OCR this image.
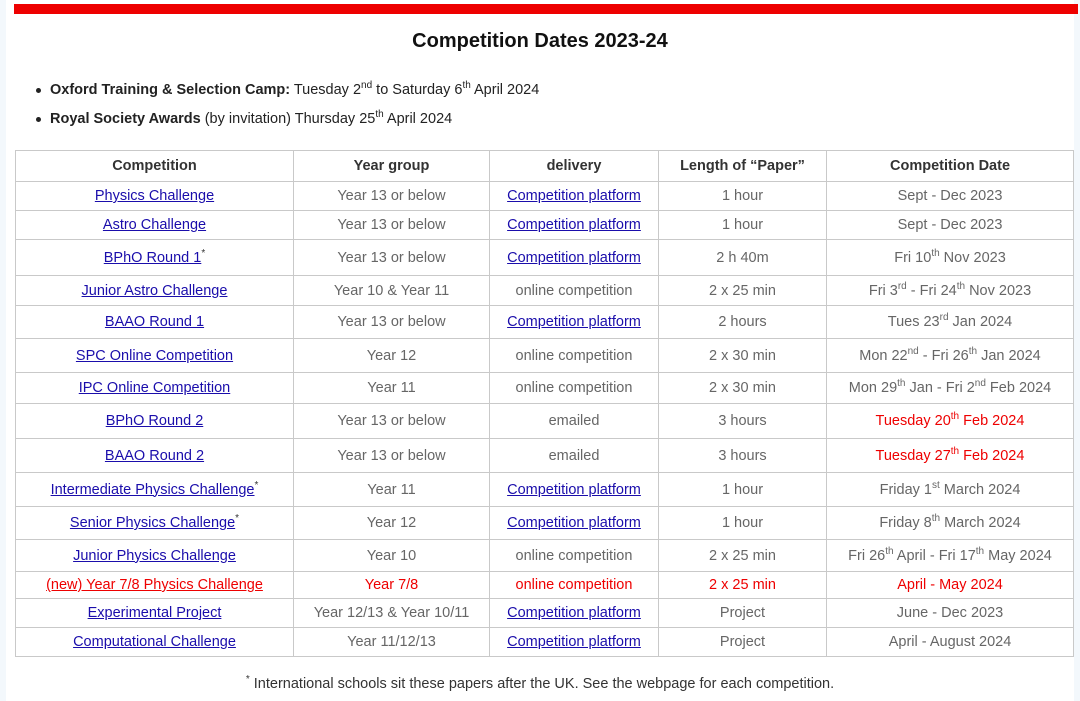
Competition Dates 2023-24
Oxford Training & Selection Camp: Tuesday 2nd to Saturday 6th April 2024
Royal Society Awards (by invitation) Thursday 25th April 2024
Competition	Year group	delivery	Length of “Paper”	Competition Date
Physics Challenge	Year 13 or below	Competition platform	1 hour	Sept - Dec 2023
Astro Challenge	Year 13 or below	Competition platform	1 hour	Sept - Dec 2023
BPhO Round 1*	Year 13 or below	Competition platform	2 h 40m	Fri 10th Nov 2023
Junior Astro Challenge	Year 10 & Year 11	online competition	2 x 25 min	Fri 3rd - Fri 24th Nov 2023
BAAO Round 1	Year 13 or below	Competition platform	2 hours	Tues 23rd Jan 2024
SPC Online Competition	Year 12	online competition	2 x 30 min	Mon 22nd - Fri 26th Jan 2024
IPC Online Competition	Year 11	online competition	2 x 30 min	Mon 29th Jan - Fri 2nd Feb 2024
BPhO Round 2	Year 13 or below	emailed	3 hours	Tuesday 20th Feb 2024
BAAO Round 2	Year 13 or below	emailed	3 hours	Tuesday 27th Feb 2024
Intermediate Physics Challenge*	Year 11	Competition platform	1 hour	Friday 1st March 2024
Senior Physics Challenge*	Year 12	Competition platform	1 hour	Friday 8th March 2024
Junior Physics Challenge	Year 10	online competition	2 x 25 min	Fri 26th April - Fri 17th May 2024
(new) Year 7/8 Physics Challenge	Year 7/8	online competition	2 x 25 min	April - May 2024
Experimental Project	Year 12/13 & Year 10/11	Competition platform	Project	June - Dec 2023
Computational Challenge	Year 11/12/13	Competition platform	Project	April - August 2024
* International schools sit these papers after the UK. See the webpage for each competition.
